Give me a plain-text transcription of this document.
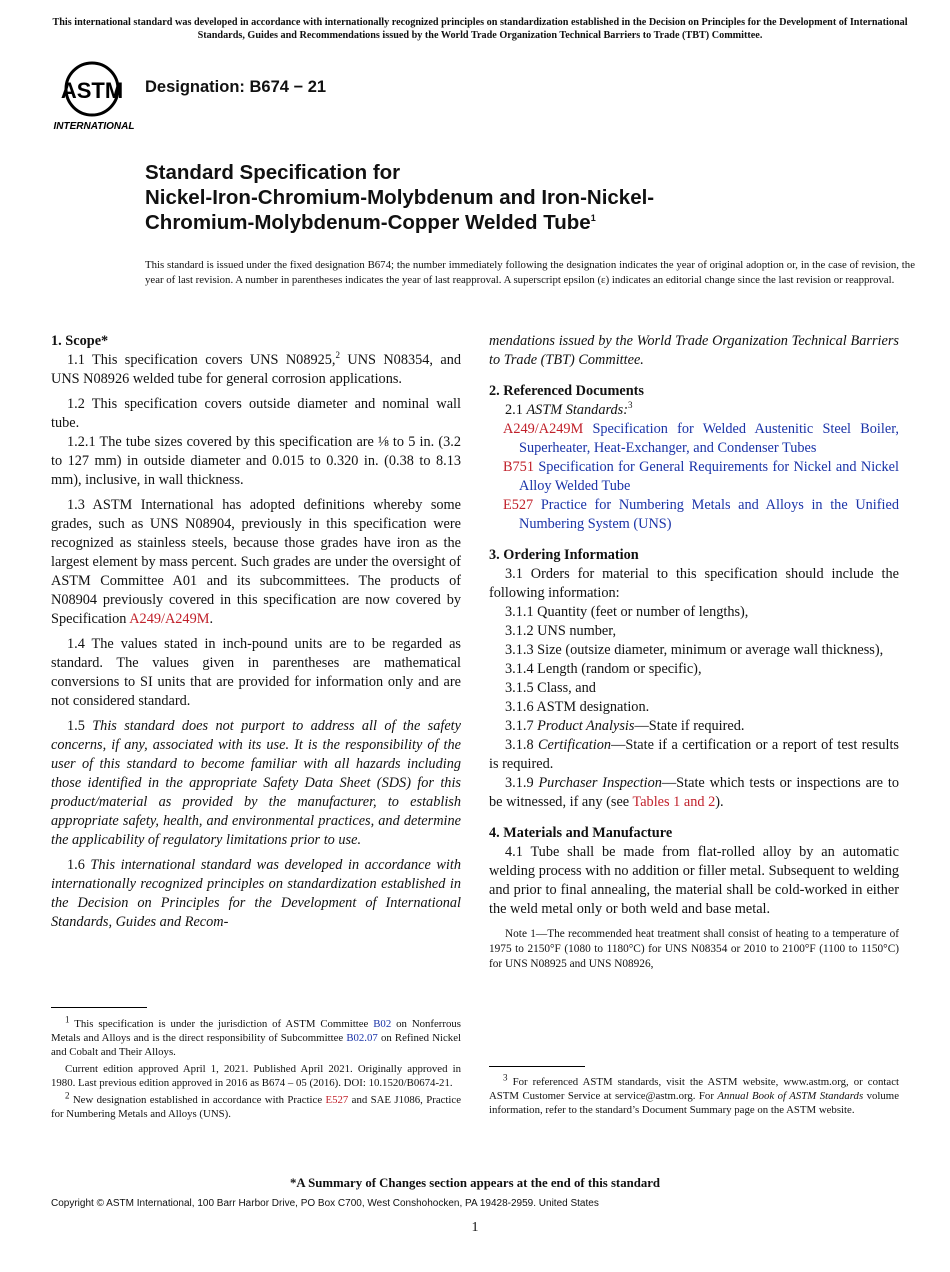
This international standard was developed in accordance with internationally recognized principles on standardization established in the Decision on Principles for the Development of International Standards, Guides and Recommendations issued by the World Trade Organization Technical Barriers to Trade (TBT) Committee.
ASTM
INTERNATIONAL
Designation: B674 − 21
Standard Specification for
Nickel-Iron-Chromium-Molybdenum and Iron-Nickel-
Chromium-Molybdenum-Copper Welded Tube$^1$
This standard is issued under the fixed designation B674; the number immediately following the designation indicates the year of original adoption or, in the case of revision, the year of last revision. A number in parentheses indicates the year of last reapproval. A superscript epsilon (ε) indicates an editorial change since the last revision or reapproval.

1. Scope*

1.1 This specification covers UNS N08925,$^2$ UNS N08354, and UNS N08926 welded tube for general corrosion applications.

1.2 This specification covers outside diameter and nominal wall tube.

1.2.1 The tube sizes covered by this specification are ⅛ to 5 in. (3.2 to 127 mm) in outside diameter and 0.015 to 0.320 in. (0.38 to 8.13 mm), inclusive, in wall thickness.

1.3 ASTM International has adopted definitions whereby some grades, such as UNS N08904, previously in this specification were recognized as stainless steels, because those grades have iron as the largest element by mass percent. Such grades are under the oversight of ASTM Committee A01 and its subcommittees. The products of N08904 previously covered in this specification are now covered by Specification A249/A249M.

1.4 The values stated in inch-pound units are to be regarded as standard. The values given in parentheses are mathematical conversions to SI units that are provided for information only and are not considered standard.

1.5 This standard does not purport to address all of the safety concerns, if any, associated with its use. It is the responsibility of the user of this standard to become familiar with all hazards including those identified in the appropriate Safety Data Sheet (SDS) for this product/material as provided by the manufacturer, to establish appropriate safety, health, and environmental practices, and determine the applicability of regulatory limitations prior to use.

1.6 This international standard was developed in accordance with internationally recognized principles on standardization established in the Decision on Principles for the Development of International Standards, Guides and Recom-

$^1$ This specification is under the jurisdiction of ASTM Committee B02 on Nonferrous Metals and Alloys and is the direct responsibility of Subcommittee B02.07 on Refined Nickel and Cobalt and Their Alloys.

Current edition approved April 1, 2021. Published April 2021. Originally approved in 1980. Last previous edition approved in 2016 as B674 – 05 (2016). DOI: 10.1520/B0674-21.

$^2$ New designation established in accordance with Practice E527 and SAE J1086, Practice for Numbering Metals and Alloys (UNS).

mendations issued by the World Trade Organization Technical Barriers to Trade (TBT) Committee.

2. Referenced Documents

2.1 ASTM Standards:$^3$

A249/A249M Specification for Welded Austenitic Steel Boiler, Superheater, Heat-Exchanger, and Condenser Tubes

B751 Specification for General Requirements for Nickel and Nickel Alloy Welded Tube

E527 Practice for Numbering Metals and Alloys in the Unified Numbering System (UNS)

3. Ordering Information

3.1 Orders for material to this specification should include the following information:

3.1.1 Quantity (feet or number of lengths),

3.1.2 UNS number,

3.1.3 Size (outsize diameter, minimum or average wall thickness),

3.1.4 Length (random or specific),

3.1.5 Class, and

3.1.6 ASTM designation.

3.1.7 Product Analysis—State if required.

3.1.8 Certification—State if a certification or a report of test results is required.

3.1.9 Purchaser Inspection—State which tests or inspections are to be witnessed, if any (see Tables 1 and 2).

4. Materials and Manufacture

4.1 Tube shall be made from flat-rolled alloy by an automatic welding process with no addition or filler metal. Subsequent to welding and prior to final annealing, the material shall be cold-worked in either the weld metal only or both weld and base metal.

Note 1—The recommended heat treatment shall consist of heating to a temperature of 1975 to 2150°F (1080 to 1180°C) for UNS N08354 or 2010 to 2100°F (1100 to 1150°C) for UNS N08925 and UNS N08926,

$^3$ For referenced ASTM standards, visit the ASTM website, www.astm.org, or contact ASTM Customer Service at service@astm.org. For Annual Book of ASTM Standards volume information, refer to the standard’s Document Summary page on the ASTM website.

*A Summary of Changes section appears at the end of this standard
Copyright © ASTM International, 100 Barr Harbor Drive, PO Box C700, West Conshohocken, PA 19428-2959. United States
1
